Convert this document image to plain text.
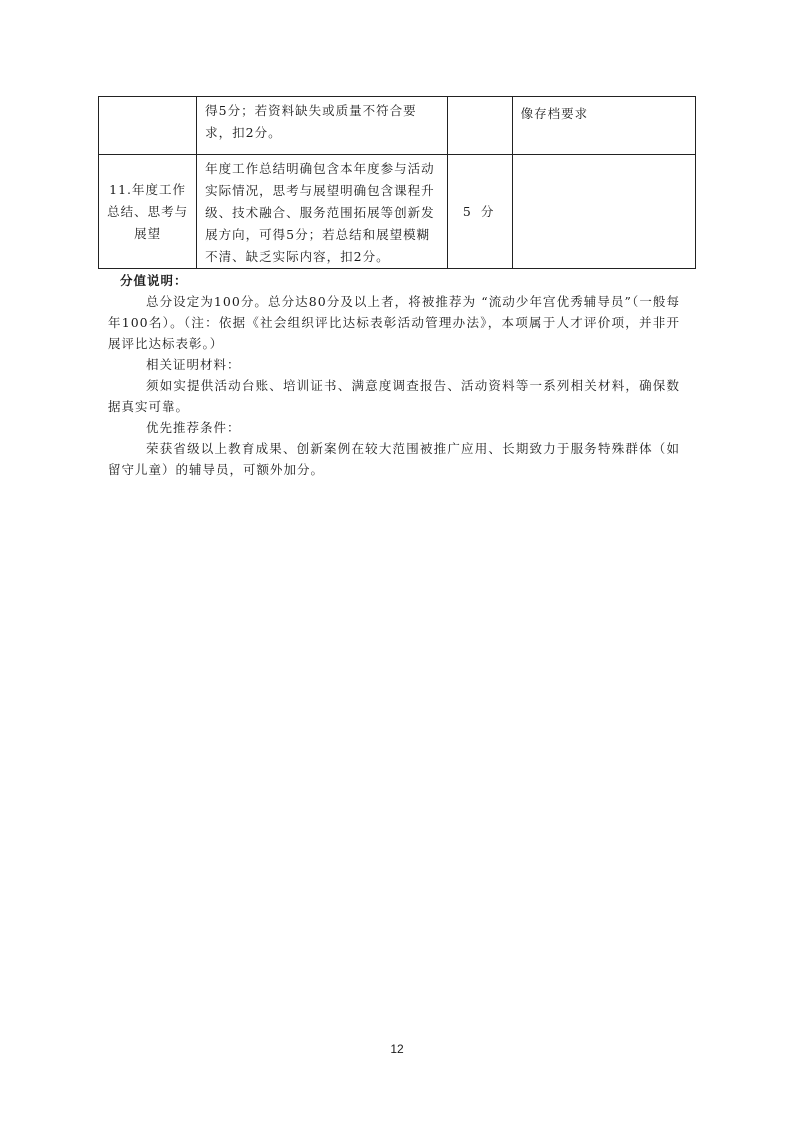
	得5分；若资料缺失或质量不符合要求，扣2分。		像存档要求

11.年度工作总结、思考与展望	年度工作总结明确包含本年度参与活动实际情况，思考与展望明确包含课程升级、技术融合、服务范围拓展等创新发展方向，可得5分；若总结和展望模糊不清、缺乏实际内容，扣2分。	5 分	

分值说明：

总分设定为100分。总分达80分及以上者，将被推荐为 “流动少年宫优秀辅导员”（一般每年100名）。（注：依据《社会组织评比达标表彰活动管理办法》，本项属于人才评价项，并非开展评比达标表彰。）

相关证明材料：

须如实提供活动台账、培训证书、满意度调查报告、活动资料等一系列相关材料，确保数据真实可靠。

优先推荐条件：

荣获省级以上教育成果、创新案例在较大范围被推广应用、长期致力于服务特殊群体（如留守儿童）的辅导员，可额外加分。

12
